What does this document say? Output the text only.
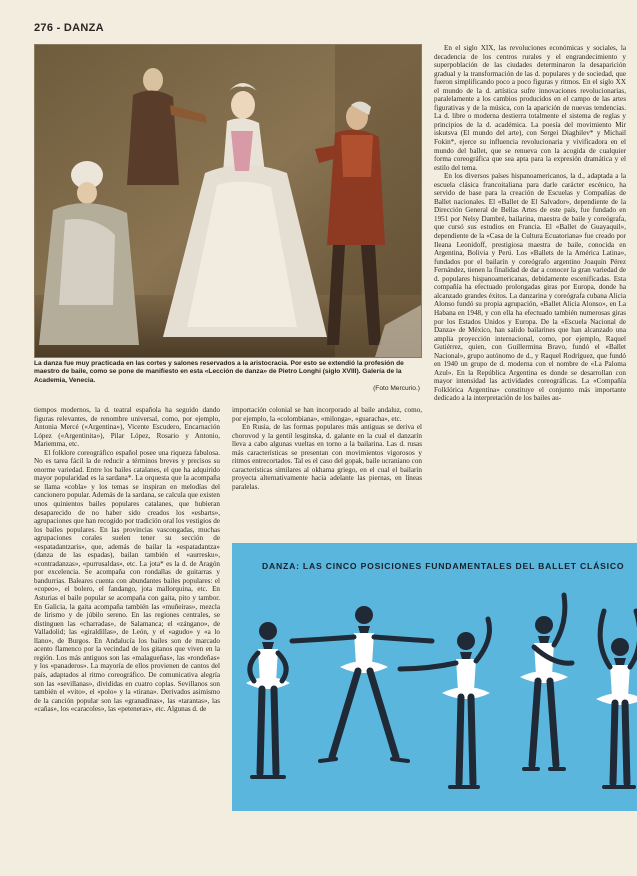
276 - DANZA
La danza fue muy practicada en las cortes y salones reservados a la aristocracia. Por esto se extendió la profesión de maestro de baile, como se pone de manifiesto en esta «Lección de danza» de Pietro Longhi (siglo XVIII). Galería de la Academia, Venecia.
(Foto Mercurio.)

tiempos modernos, la d. teatral española ha seguido dando figuras relevantes, de renombre universal, como, por ejemplo, Antonia Mercé («Argentina»), Vicente Escudero, Encarnación López («Argentinita»), Pilar López, Rosario y Antonio, Mariemma, etc.

El folklore coreográfico español posee una riqueza fabulosa. No es tarea fácil la de reducir a términos breves y precisos su enorme variedad. Entre los bailes catalanes, el que ha adquirido mayor popularidad es la sardana*. La orquesta que la acompaña se llama «cobla» y los temas se inspiran en melodías del cancionero popular. Además de la sardana, se calcula que existen unos quinientos bailes populares catalanes, que hubieran desaparecido de no haber sido creados los «esbarts», agrupaciones que han recogido por tradición oral los vestigios de los bailes populares. En las provincias vascongadas, muchas agrupaciones corales suelen tener su sección de «espatadantzaris», que, además de bailar la «espatadantza» (danza de las espadas), bailan también el «aurresku», «contradanzas», «purrusaldas», etc. La jota* es la d. de Aragón por excelencia. Se acompaña con rondallas de guitarras y bandurrias. Baleares cuenta con abundantes bailes populares: el «copeo», el bolero, el fandango, jota mallorquina, etc. En Asturias el baile popular se acompaña con gaita, pito y tambor. En Galicia, la gaita acompaña también las «muñeiras», mezcla de lirismo y de júbilo sereno. En las regiones centrales, se distinguen las «charradas», de Salamanca; el «zángano», de Valladolid; las «giraldillas», de León, y el «agudo» y «a lo llano», de Burgos. En Andalucía los bailes son de marcado acento flamenco por la vecindad de los gitanos que viven en la región. Los más antiguos son las «malagueñas», las «rondeñas» y los «panaderos». La mayoría de ellos provienen de cantos del país, adaptados al ritmo coreográfico. De comunicativa alegría son las «sevillanas», divididas en cuatro coplas. Sevillanos son también el «vito», el «polo» y la «tirana». Derivados asimismo de la canción popular son las «granadinas», las «tarantas», las «cañas», los «caracoles», las «peteneras», etc. Algunas d. de

importación colonial se han incorporado al baile andaluz, como, por ejemplo, la «colombiana», «milonga», «guaracha», etc.

En Rusia, de las formas populares más antiguas se deriva el chorovod y la gentil lesginska, d. galante en la cual el danzarín lleva a cabo algunas vueltas en torno a la bailarina. Las d. rusas más características se presentan con movimientos vigorosos y ritmos entrecortados. Tal es el caso del gopak, baile ucraniano con características similares al okhama griego, en el cual el bailarín proyecta alternativamente hacia adelante las piernas, en líneas paralelas.

En el siglo XIX, las revoluciones económicas y sociales, la decadencia de los centros rurales y el engrandecimiento y superpoblación de las ciudades determinaron la desaparición gradual y la transformación de las d. populares y de sociedad, que fueron simplificando poco a poco figuras y ritmos. En el siglo XX el mundo de la d. artística sufre innovaciones revolucionarias, paralelamente a los cambios producidos en el campo de las artes figurativas y de la música, con la aparición de nuevas tendencias. La d. libre o moderna destierra totalmente el sistema de reglas y principios de la d. académica. La poesía del movimiento Mir iskutsva (El mundo del arte), con Sergei Diaghilev* y Michail Fokin*, ejerce su influencia revolucionaria y vivificadora en el mundo del ballet, que se renueva con la acogida de cualquier forma coreográfica que sea apta para la expresión dramática y el estilo del tema.

En los diversos países hispanoamericanos, la d., adaptada a la escuela clásica francoitaliana para darle carácter escénico, ha servido de base para la creación de Escuelas y Compañías de Ballet nacionales. El «Ballet de El Salvador», dependiente de la Dirección General de Bellas Artes de este país, fue fundado en 1951 por Nelsy Dambré, bailarina, maestra de baile y coreógrafa, que cursó sus estudios en Francia. El «Ballet de Guayaquil», dependiente de la «Casa de la Cultura Ecuatoriana» fue creado por Ileana Leonidoff, prestigiosa maestra de baile, conocida en Argentina, Bolivia y Perú. Los «Ballets de la América Latina», fundados por el bailarín y coreógrafo argentino Joaquín Pérez Fernández, tienen la finalidad de dar a conocer la gran variedad de d. populares hispanoamericanas, debidamente escenificadas. Esta compañía ha efectuado prolongadas giras por Europa, donde ha alcanzado grandes éxitos. La danzarina y coreógrafa cubana Alicia Alonso fundó su propia agrupación, «Ballet Alicia Alonso», en La Habana en 1948, y con ella ha efectuado también numerosas giras por los Estados Unidos y Europa. De la «Escuela Nacional de Danza» de México, han salido bailarines que han alcanzado una amplia proyección internacional, como, por ejemplo, Raquel Gutiérrez, quien, con Guillermina Bravo, fundó el «Ballet Nacional», grupo autónomo de d., y Raquel Rodríguez, que fundó en 1940 un grupo de d. moderna con el nombre de «La Paloma Azul». En la República Argentina es donde se desarrollan con mayor intensidad las actividades coreográficas. La «Compañía Folklórica Argentina» constituye el conjunto más importante dedicado a la interpretación de los bailes au-

DANZA: LAS CINCO POSICIONES FUNDAMENTALES DEL BALLET CLÁSICO
